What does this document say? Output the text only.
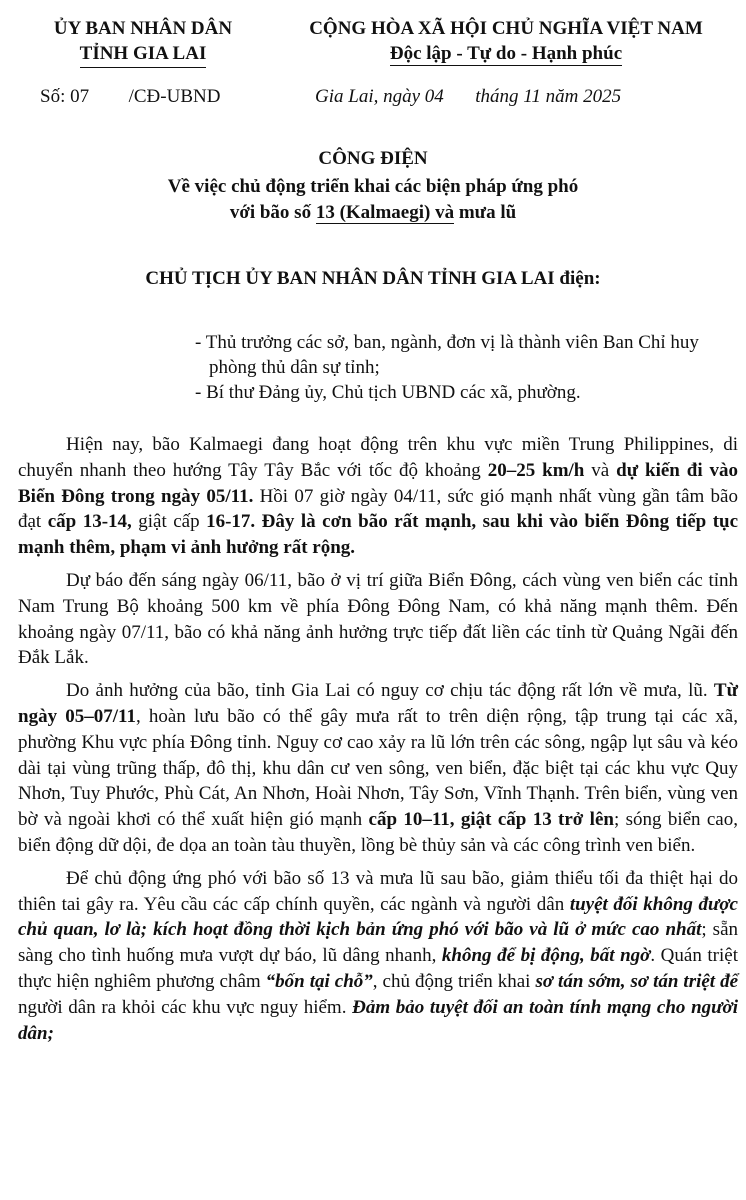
ỦY BAN NHÂN DÂN
TỈNH GIA LAI
CỘNG HÒA XÃ HỘI CHỦ NGHĨA VIỆT NAM
Độc lập - Tự do - Hạnh phúc
Số: 07 /CĐ-UBND	Gia Lai, ngày 04 tháng 11 năm 2025
CÔNG ĐIỆN
Về việc chủ động triển khai các biện pháp ứng phó
với bão số 13 (Kalmaegi) và mưa lũ
CHỦ TỊCH ỦY BAN NHÂN DÂN TỈNH GIA LAI điện:
- Thủ trưởng các sở, ban, ngành, đơn vị là thành viên Ban Chỉ huy phòng thủ dân sự tỉnh;
- Bí thư Đảng ủy, Chủ tịch UBND các xã, phường.

Hiện nay, bão Kalmaegi đang hoạt động trên khu vực miền Trung Philippines, di chuyển nhanh theo hướng Tây Tây Bắc với tốc độ khoảng 20–25 km/h và dự kiến đi vào Biển Đông trong ngày 05/11. Hồi 07 giờ ngày 04/11, sức gió mạnh nhất vùng gần tâm bão đạt cấp 13-14, giật cấp 16-17. Đây là cơn bão rất mạnh, sau khi vào biển Đông tiếp tục mạnh thêm, phạm vi ảnh hưởng rất rộng.

Dự báo đến sáng ngày 06/11, bão ở vị trí giữa Biển Đông, cách vùng ven biển các tỉnh Nam Trung Bộ khoảng 500 km về phía Đông Đông Nam, có khả năng mạnh thêm. Đến khoảng ngày 07/11, bão có khả năng ảnh hưởng trực tiếp đất liền các tỉnh từ Quảng Ngãi đến Đắk Lắk.

Do ảnh hưởng của bão, tỉnh Gia Lai có nguy cơ chịu tác động rất lớn về mưa, lũ. Từ ngày 05–07/11, hoàn lưu bão có thể gây mưa rất to trên diện rộng, tập trung tại các xã, phường Khu vực phía Đông tỉnh. Nguy cơ cao xảy ra lũ lớn trên các sông, ngập lụt sâu và kéo dài tại vùng trũng thấp, đô thị, khu dân cư ven sông, ven biển, đặc biệt tại các khu vực Quy Nhơn, Tuy Phước, Phù Cát, An Nhơn, Hoài Nhơn, Tây Sơn, Vĩnh Thạnh. Trên biển, vùng ven bờ và ngoài khơi có thể xuất hiện gió mạnh cấp 10–11, giật cấp 13 trở lên; sóng biển cao, biển động dữ dội, đe dọa an toàn tàu thuyền, lồng bè thủy sản và các công trình ven biển.

Để chủ động ứng phó với bão số 13 và mưa lũ sau bão, giảm thiểu tối đa thiệt hại do thiên tai gây ra. Yêu cầu các cấp chính quyền, các ngành và người dân tuyệt đối không được chủ quan, lơ là; kích hoạt đồng thời kịch bản ứng phó với bão và lũ ở mức cao nhất; sẵn sàng cho tình huống mưa vượt dự báo, lũ dâng nhanh, không để bị động, bất ngờ. Quán triệt thực hiện nghiêm phương châm “bốn tại chỗ”, chủ động triển khai sơ tán sớm, sơ tán triệt để người dân ra khỏi các khu vực nguy hiểm. Đảm bảo tuyệt đối an toàn tính mạng cho người dân;
